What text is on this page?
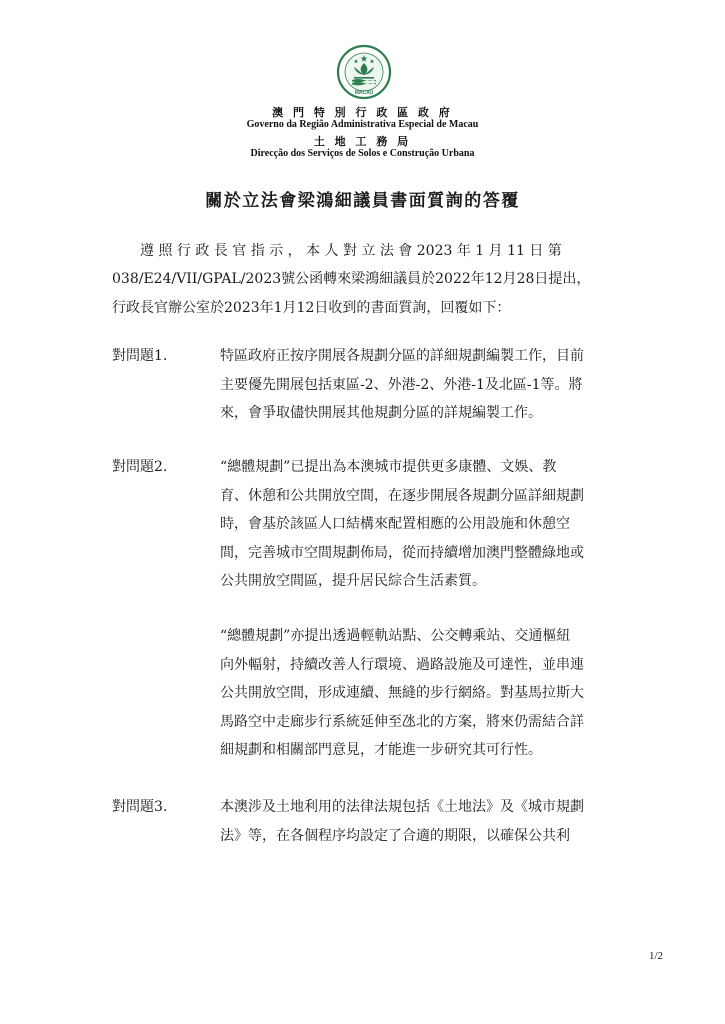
MACAU
澳 門 特 別 行 政 區 政 府
Governo da Região Administrativa Especial de Macau
土 地 工 務 局
Direcção dos Serviços de Solos e Construção Urbana
關於立法會梁鴻細議員書面質詢的答覆
遵 照 行 政 長 官 指 示 ， 本 人 對 立 法 會 2023 年 1 月 11 日 第
038/E24/VII/GPAL/2023號公函轉來梁鴻細議員於2022年12月28日提出，
行政長官辦公室於2023年1月12日收到的書面質詢，回覆如下：
對問題1.	特區政府正按序開展各規劃分區的詳細規劃編製工作，目前
主要優先開展包括東區-2、外港-2、外港-1及北區-1等。將
來，會爭取儘快開展其他規劃分區的詳規編製工作。
對問題2.	“總體規劃”已提出為本澳城市提供更多康體、文娛、教
育、休憩和公共開放空間，在逐步開展各規劃分區詳細規劃
時，會基於該區人口結構來配置相應的公用設施和休憩空
間，完善城市空間規劃佈局，從而持續增加澳門整體綠地或
公共開放空間區，提升居民綜合生活素質。
“總體規劃”亦提出透過輕軌站點、公交轉乘站、交通樞紐
向外輻射，持續改善人行環境、過路設施及可達性，並串連
公共開放空間，形成連續、無縫的步行網絡。對基馬拉斯大
馬路空中走廊步行系統延伸至氹北的方案，將來仍需結合詳
細規劃和相關部門意見，才能進一步研究其可行性。
對問題3.	本澳涉及土地利用的法律法規包括《土地法》及《城市規劃
法》等，在各個程序均設定了合適的期限，以確保公共利
1/2
